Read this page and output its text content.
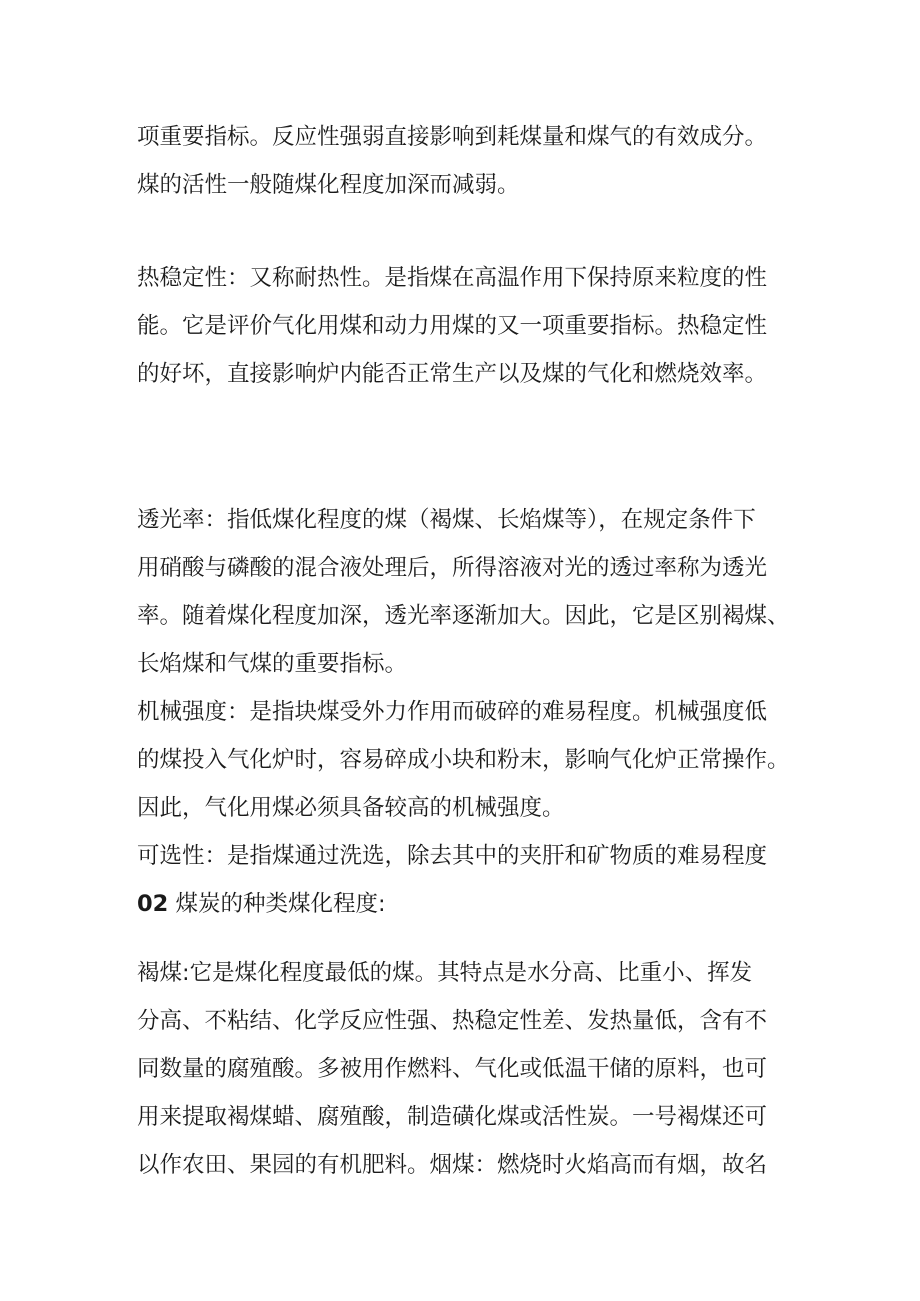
项重要指标。反应性强弱直接影响到耗煤量和煤气的有效成分。
煤的活性一般随煤化程度加深而减弱。
热稳定性：又称耐热性。是指煤在高温作用下保持原来粒度的性
能。它是评价气化用煤和动力用煤的又一项重要指标。热稳定性
的好坏，直接影响炉内能否正常生产以及煤的气化和燃烧效率。
透光率：指低煤化程度的煤（褐煤、长焰煤等），在规定条件下
用硝酸与磷酸的混合液处理后，所得溶液对光的透过率称为透光
率。随着煤化程度加深，透光率逐渐加大。因此，它是区别褐煤、
长焰煤和气煤的重要指标。
机械强度：是指块煤受外力作用而破碎的难易程度。机械强度低
的煤投入气化炉时，容易碎成小块和粉末，影响气化炉正常操作。
因此，气化用煤必须具备较高的机械强度。
可选性：是指煤通过洗选，除去其中的夹肝和矿物质的难易程度
02 煤炭的种类煤化程度:
褐煤:它是煤化程度最低的煤。其特点是水分高、比重小、挥发
分高、不粘结、化学反应性强、热稳定性差、发热量低，含有不
同数量的腐殖酸。多被用作燃料、气化或低温干储的原料，也可
用来提取褐煤蜡、腐殖酸，制造磺化煤或活性炭。一号褐煤还可
以作农田、果园的有机肥料。烟煤：燃烧时火焰高而有烟，故名
